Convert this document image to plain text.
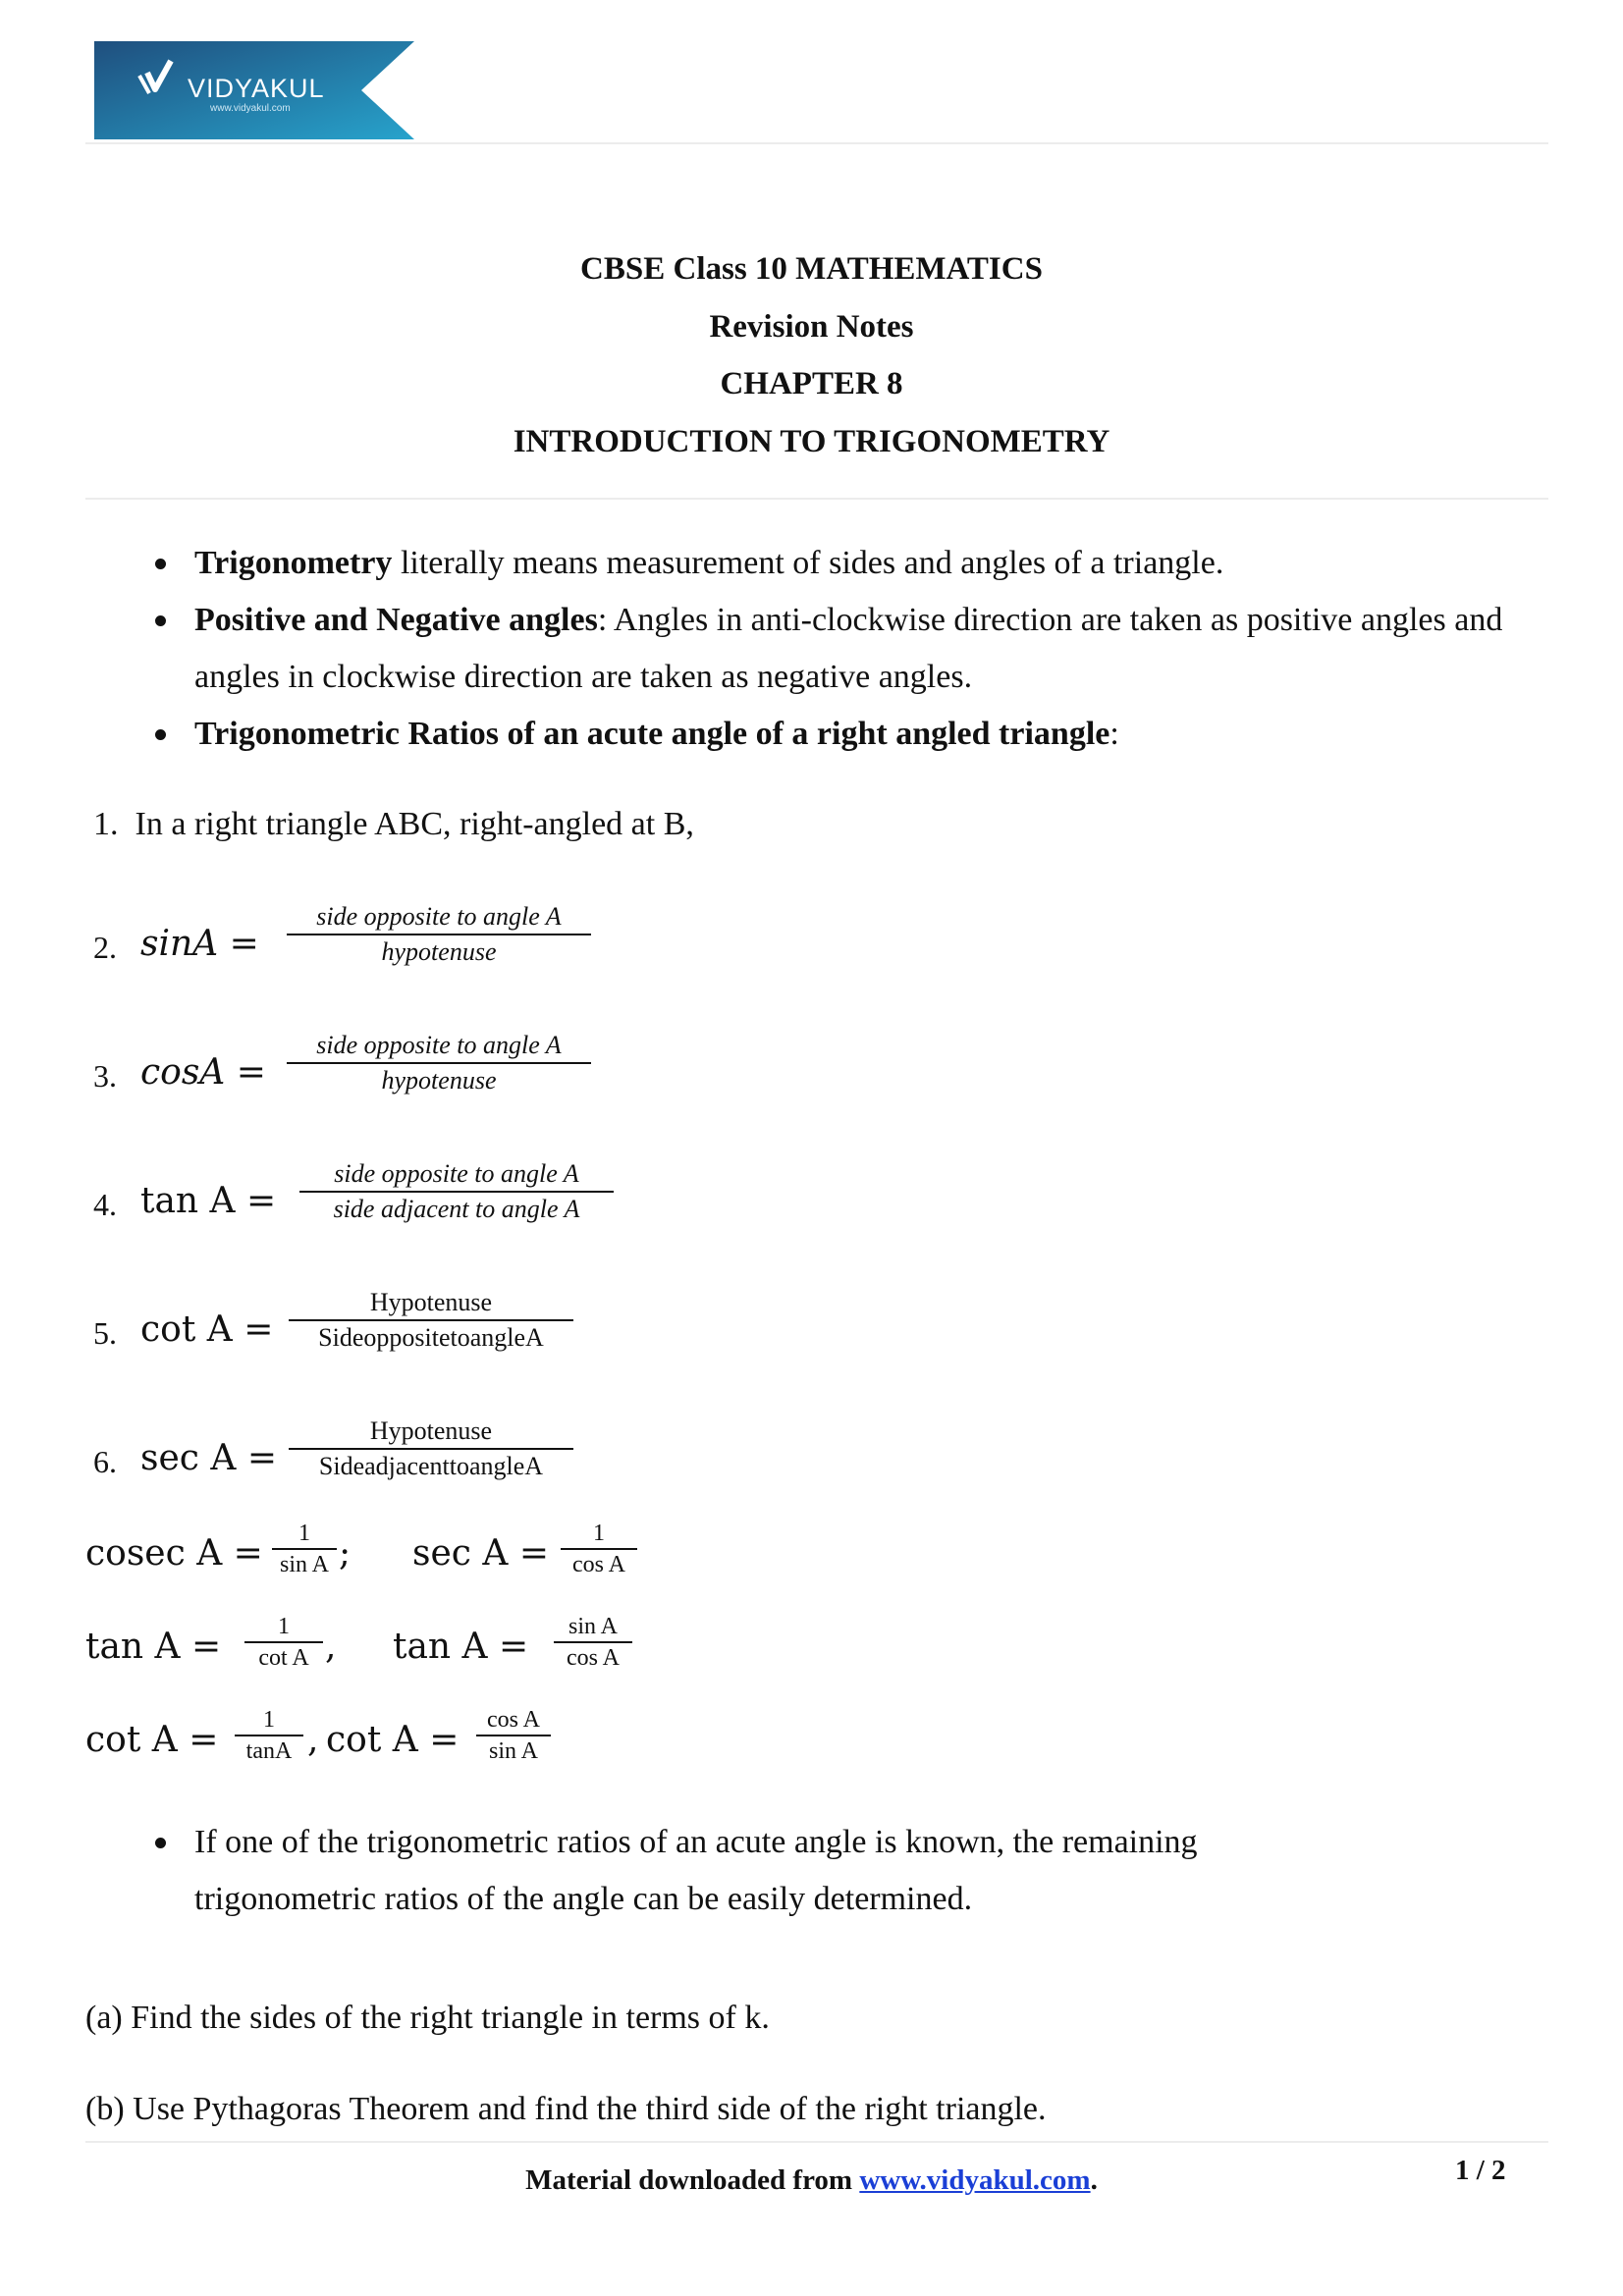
VIDYAKUL
www.vidyakul.com
CBSE Class 10 MATHEMATICS
Revision Notes
CHAPTER 8
INTRODUCTION TO TRIGONOMETRY
Trigonometry literally means measurement of sides and angles of a triangle.
Positive and Negative angles: Angles in anti-clockwise direction are taken as positive angles and angles in clockwise direction are taken as negative angles.
Trigonometric Ratios of an acute angle of a right angled triangle:
1. In a right triangle ABC, right-angled at B,
2. sinA =
side opposite to angle A
hypotenuse
3. cosA =
side opposite to angle A
hypotenuse
4. tan A =
side opposite to angle A
side adjacent to angle A
5. cot A =
Hypotenuse
SideoppositetoangleA
6. sec A =
Hypotenuse
SideadjacenttoangleA
cosec A =	1
sin A ; sec A =	1
cos A
tan A =	1
cot A , tan A =	sin A
cos A
cot A =	1
tanA , cot A =	cos A
sin A
If one of the trigonometric ratios of an acute angle is known, the remaining trigonometric ratios of the angle can be easily determined.
(a) Find the sides of the right triangle in terms of k.
(b) Use Pythagoras Theorem and find the third side of the right triangle.
Material downloaded from www.vidyakul.com.	1 / 2
